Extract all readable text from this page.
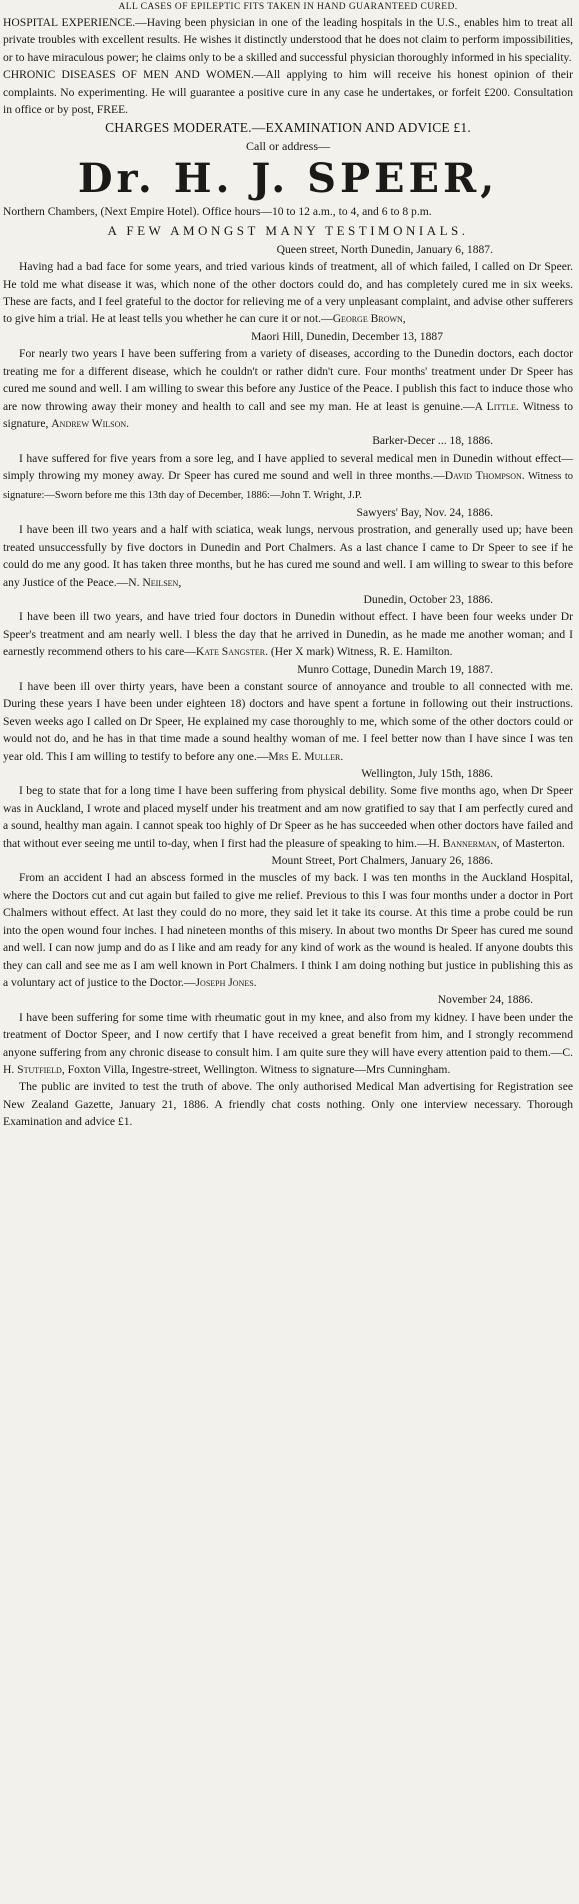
ALL CASES OF EPILEPTIC FITS TAKEN IN HAND GUARANTEED CURED.

HOSPITAL EXPERIENCE.—Having been physician in one of the leading hospitals in the U.S., enables him to treat all private troubles with excellent results. He wishes it distinctly understood that he does not claim to perform impossibilities, or to have miraculous power; he claims only to be a skilled and successful physician thoroughly informed in his speciality.

CHRONIC DISEASES OF MEN AND WOMEN.—All applying to him will receive his honest opinion of their complaints. No experimenting. He will guarantee a positive cure in any case he undertakes, or forfeit £200. Consultation in office or by post, FREE.

CHARGES MODERATE.—EXAMINATION AND ADVICE £1.

Call or address—

Dr. H. J. SPEER,

Northern Chambers, (Next Empire Hotel). Office hours—10 to 12 a.m., to 4, and 6 to 8 p.m.

A FEW AMONGST MANY TESTIMONIALS.

Queen street, North Dunedin, January 6, 1887.

Having had a bad face for some years, and tried various kinds of treatment, all of which failed, I called on Dr Speer. He told me what disease it was, which none of the other doctors could do, and has completely cured me in six weeks. These are facts, and I feel grateful to the doctor for relieving me of a very unpleasant complaint, and advise other sufferers to give him a trial. He at least tells you whether he can cure it or not.—George Brown,

Maori Hill, Dunedin, December 13, 1887

For nearly two years I have been suffering from a variety of diseases, according to the Dunedin doctors, each doctor treating me for a different disease, which he couldn't or rather didn't cure. Four months' treatment under Dr Speer has cured me sound and well. I am willing to swear this before any Justice of the Peace. I publish this fact to induce those who are now throwing away their money and health to call and see my man. He at least is genuine.—A Little. Witness to signature, Andrew Wilson.

Barker-Decer ... 18, 1886.

I have suffered for five years from a sore leg, and I have applied to several medical men in Dunedin without effect—simply throwing my money away. Dr Speer has cured me sound and well in three months.—David Thompson. Witness to signature:—Sworn before me this 13th day of December, 1886:—John T. Wright, J.P.

Sawyers' Bay, Nov. 24, 1886.

I have been ill two years and a half with sciatica, weak lungs, nervous prostration, and generally used up; have been treated unsuccessfully by five doctors in Dunedin and Port Chalmers. As a last chance I came to Dr Speer to see if he could do me any good. It has taken three months, but he has cured me sound and well. I am willing to swear to this before any Justice of the Peace.—N. Neilsen,

Dunedin, October 23, 1886.

I have been ill two years, and have tried four doctors in Dunedin without effect. I have been four weeks under Dr Speer's treatment and am nearly well. I bless the day that he arrived in Dunedin, as he made me another woman; and I earnestly recommend others to his care—Kate Sangster. (Her X mark) Witness, R. E. Hamilton.

Munro Cottage, Dunedin March 19, 1887.

I have been ill over thirty years, have been a constant source of annoyance and trouble to all connected with me. During these years I have been under eighteen 18) doctors and have spent a fortune in following out their instructions. Seven weeks ago I called on Dr Speer, He explained my case thoroughly to me, which some of the other doctors could or would not do, and he has in that time made a sound healthy woman of me. I feel better now than I have since I was ten year old. This I am willing to testify to before any one.—Mrs E. Muller.

Wellington, July 15th, 1886.

I beg to state that for a long time I have been suffering from physical debility. Some five months ago, when Dr Speer was in Auckland, I wrote and placed myself under his treatment and am now gratified to say that I am perfectly cured and a sound, healthy man again. I cannot speak too highly of Dr Speer as he has succeeded when other doctors have failed and that without ever seeing me until to-day, when I first had the pleasure of speaking to him.—H. Bannerman, of Masterton.

Mount Street, Port Chalmers, January 26, 1886.

From an accident I had an abscess formed in the muscles of my back. I was ten months in the Auckland Hospital, where the Doctors cut and cut again but failed to give me relief. Previous to this I was four months under a doctor in Port Chalmers without effect. At last they could do no more, they said let it take its course. At this time a probe could be run into the open wound four inches. I had nineteen months of this misery. In about two months Dr Speer has cured me sound and well. I can now jump and do as I like and am ready for any kind of work as the wound is healed. If anyone doubts this they can call and see me as I am well known in Port Chalmers. I think I am doing nothing but justice in publishing this as a voluntary act of justice to the Doctor.—Joseph Jones.

November 24, 1886.

I have been suffering for some time with rheumatic gout in my knee, and also from my kidney. I have been under the treatment of Doctor Speer, and I now certify that I have received a great benefit from him, and I strongly recommend anyone suffering from any chronic disease to consult him. I am quite sure they will have every attention paid to them.—C. H. Stutfield, Foxton Villa, Ingestre-street, Wellington. Witness to signature—Mrs Cunningham.

The public are invited to test the truth of above. The only authorised Medical Man advertising for Registration see New Zealand Gazette, January 21, 1886. A friendly chat costs nothing. Only one interview necessary. Thorough Examination and advice £1.
